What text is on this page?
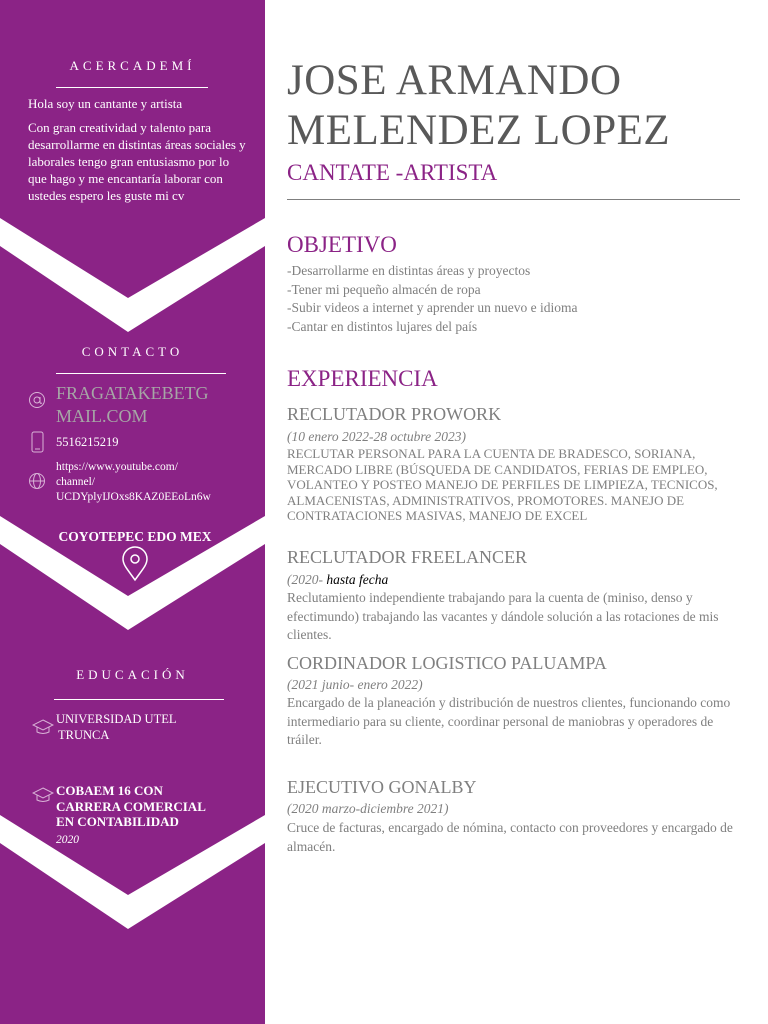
ACERCADEMÍ
Hola soy un cantante y artista
Con gran creatividad y talento para desarrollarme en distintas áreas sociales y laborales tengo gran entusiasmo por lo que hago y me encantaría laborar con ustedes espero les guste mi cv
CONTACTO
FRAGATAKEBETG
MAIL.COM
5516215219
https://www.youtube.com/
channel/
UCDYplyIJOxs8KAZ0EEoLn6w
COYOTEPEC EDO MEX
EDUCACIÓN
UNIVERSIDAD UTEL
TRUNCA
COBAEM 16 CON
CARRERA COMERCIAL
EN CONTABILIDAD
2020
JOSE ARMANDO
MELENDEZ LOPEZ
CANTATE -ARTISTA
OBJETIVO
-Desarrollarme en distintas áreas y proyectos
-Tener mi pequeño almacén de ropa
-Subir videos a internet y aprender un nuevo e idioma
-Cantar en distintos lujares del país
EXPERIENCIA
RECLUTADOR PROWORK
(10 enero 2022-28 octubre 2023)
RECLUTAR PERSONAL PARA LA CUENTA DE BRADESCO, SORIANA, MERCADO LIBRE (BÚSQUEDA DE CANDIDATOS, FERIAS DE EMPLEO, VOLANTEO Y POSTEO MANEJO DE PERFILES DE LIMPIEZA, TECNICOS, ALMACENISTAS, ADMINISTRATIVOS, PROMOTORES. MANEJO DE CONTRATACIONES MASIVAS, MANEJO DE EXCEL
RECLUTADOR FREELANCER
(2020- hasta fecha
Reclutamiento independiente trabajando para la cuenta de (miniso, denso y efectimundo) trabajando las vacantes y dándole solución a las rotaciones de mis clientes.
CORDINADOR LOGISTICO PALUAMPA
(2021 junio- enero 2022)
Encargado de la planeación y distribución de nuestros clientes, funcionando como intermediario para su cliente, coordinar personal de maniobras y operadores de tráiler.
EJECUTIVO GONALBY
(2020 marzo-diciembre 2021)
Cruce de facturas, encargado de nómina, contacto con proveedores y encargado de almacén.
